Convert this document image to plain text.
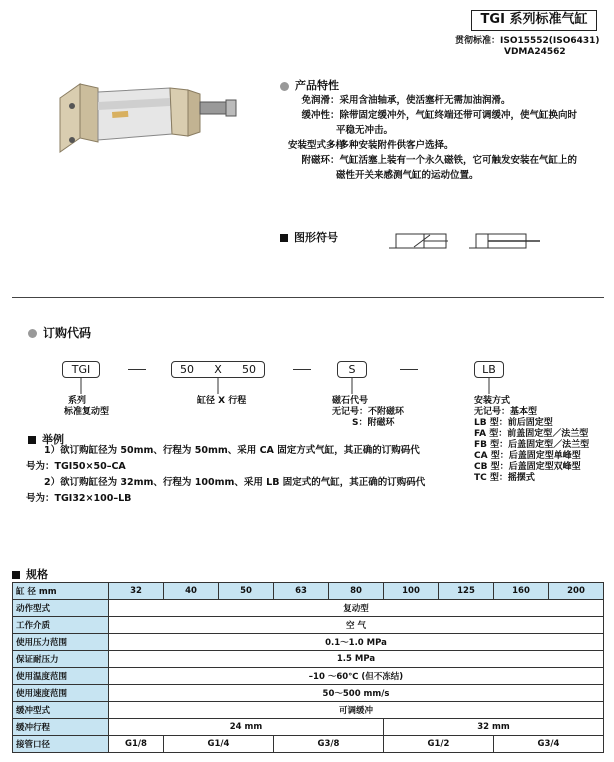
TGI 系列标准气缸
贯彻标准：ISO15552(ISO6431)
VDMA24562
产品特性
免润滑 ：采用含油轴承，使活塞杆无需加油润滑。
缓冲性 ：除带固定缓冲外，气缸终端还带可调缓冲，使气缸换向时
平稳无冲击。
安装型式多样
：多种安装附件供客户选择。
附磁环 ：气缸活塞上装有一个永久磁铁，它可触发安装在气缸上的
磁性开关来感测气缸的运动位置。
图形符号
订购代码
TGI	50 X 50	S	LB
系列
标准复动型
缸径 X 行程	磁石代号
无记号：不附磁环
S：附磁环
安装方式
无记号：基本型
LB 型：前后固定型
FA 型：前盖固定型／法兰型
FB 型：后盖固定型／法兰型
CA 型：后盖固定型单峰型
CB 型：后盖固定型双峰型
TC 型：摇摆式
举例
1）欲订购缸径为 50mm、行程为 50mm、采用 CA 固定方式气缸，其正确的订购码代
号为：TGI50×50–CA
2）欲订购缸径为 32mm、行程为 100mm、采用 LB 固定式的气缸，其正确的订购码代
号为：TGI32×100–LB
规格
缸 径 mm	32	40	50	63	80	100	125	160	200
动作型式	复动型								
工作介质	空 气								
使用压力范围	0.1～1.0 MPa								
保证耐压力	1.5 MPa								
使用温度范围	–10 ～60℃ (但不冻结)								
使用速度范围	50～500 mm/s								
缓冲型式	可调缓冲								
缓冲行程	24 mm					32 mm			
接管口径	G1/8	G1/4		G3/8		G1/2		G3/4	
